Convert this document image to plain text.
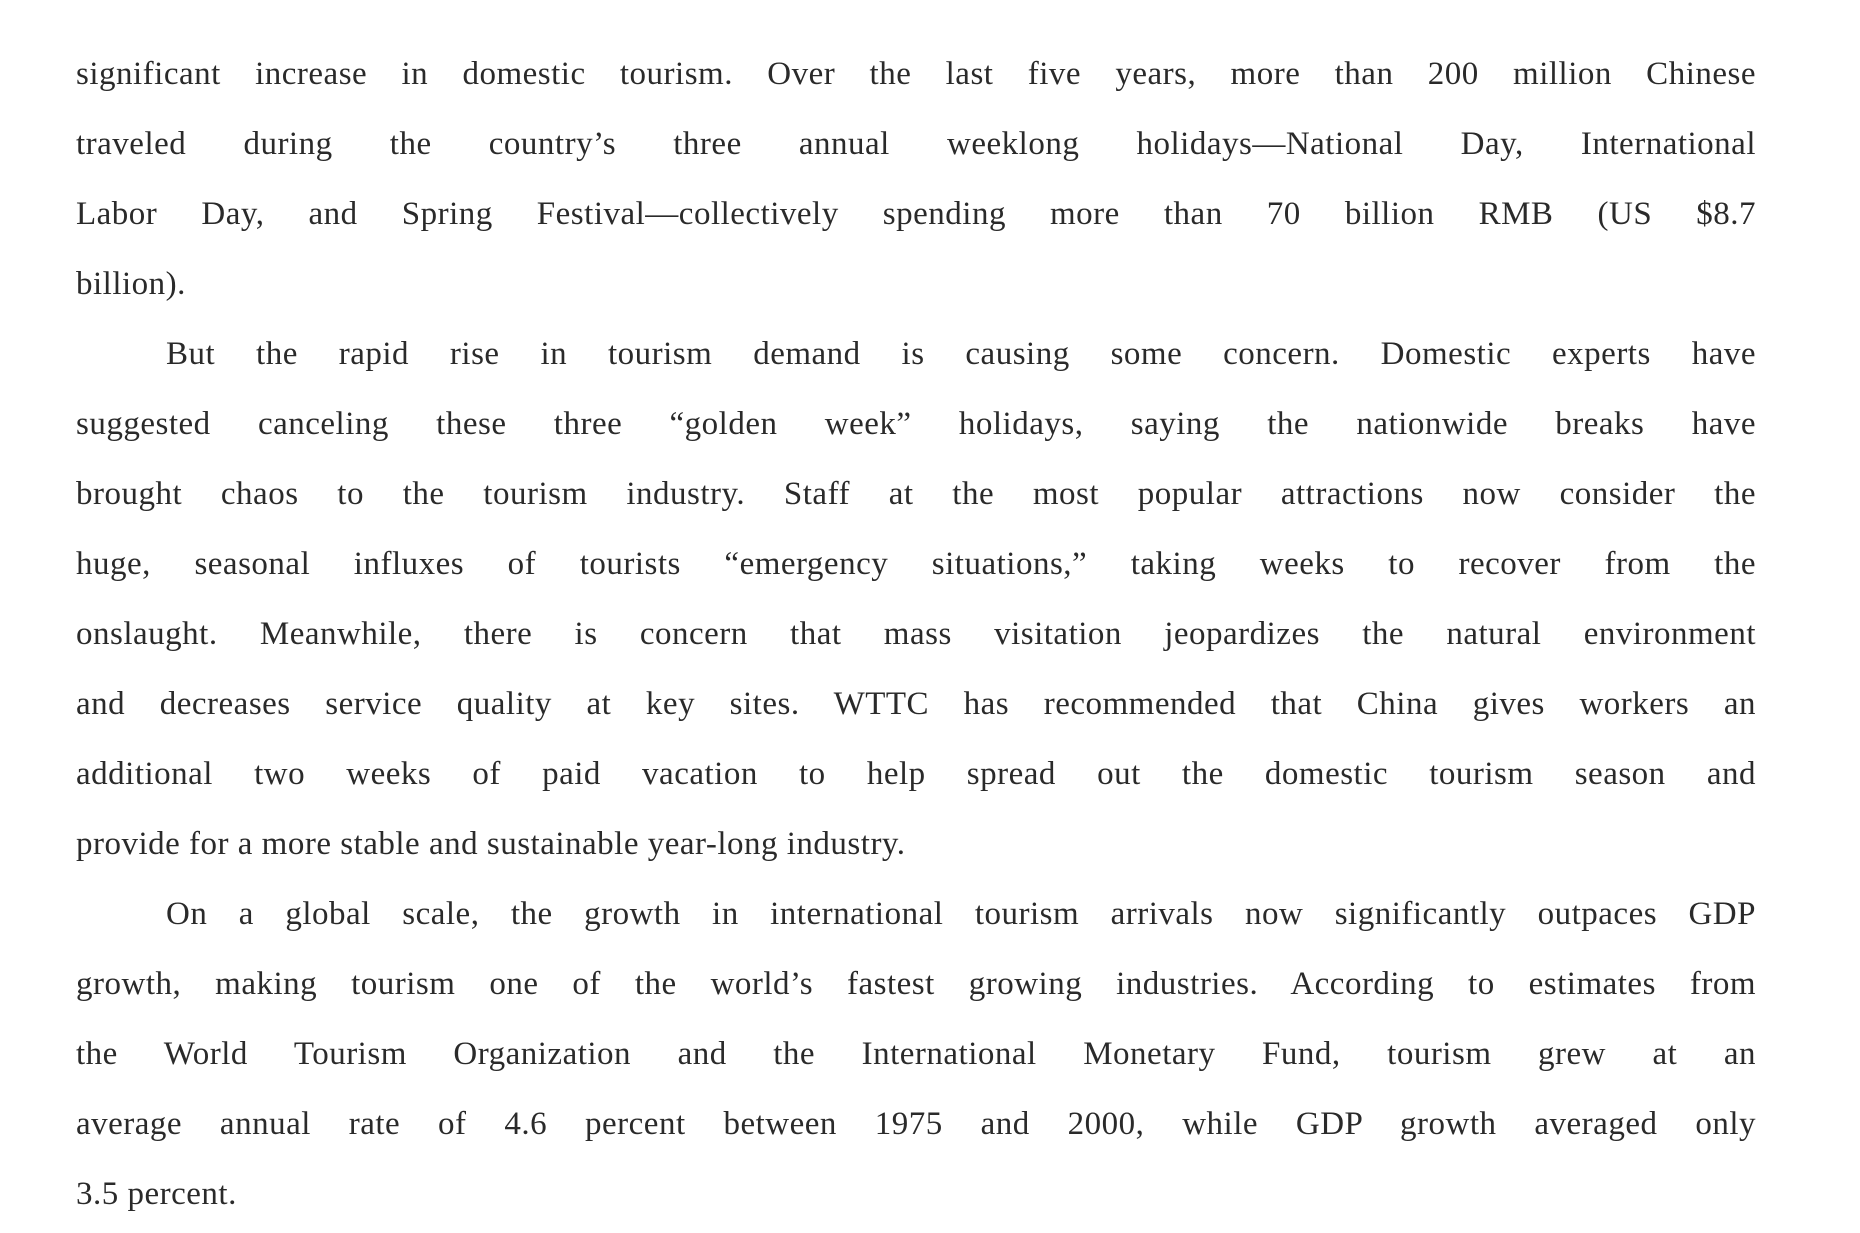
significant increase in domestic tourism. Over the last five years, more than 200 million Chinese
traveled during the country’s three annual weeklong holidays—National Day, International
Labor Day, and Spring Festival—collectively spending more than 70 billion RMB (US $8.7
billion).
But the rapid rise in tourism demand is causing some concern. Domestic experts have
suggested canceling these three “golden week” holidays, saying the nationwide breaks have
brought chaos to the tourism industry. Staff at the most popular attractions now consider the
huge, seasonal influxes of tourists “emergency situations,” taking weeks to recover from the
onslaught. Meanwhile, there is concern that mass visitation jeopardizes the natural environment
and decreases service quality at key sites. WTTC has recommended that China gives workers an
additional two weeks of paid vacation to help spread out the domestic tourism season and
provide for a more stable and sustainable year-long industry.
On a global scale, the growth in international tourism arrivals now significantly outpaces GDP
growth, making tourism one of the world’s fastest growing industries. According to estimates from
the World Tourism Organization and the International Monetary Fund, tourism grew at an
average annual rate of 4.6 percent between 1975 and 2000, while GDP growth averaged only
3.5 percent.
